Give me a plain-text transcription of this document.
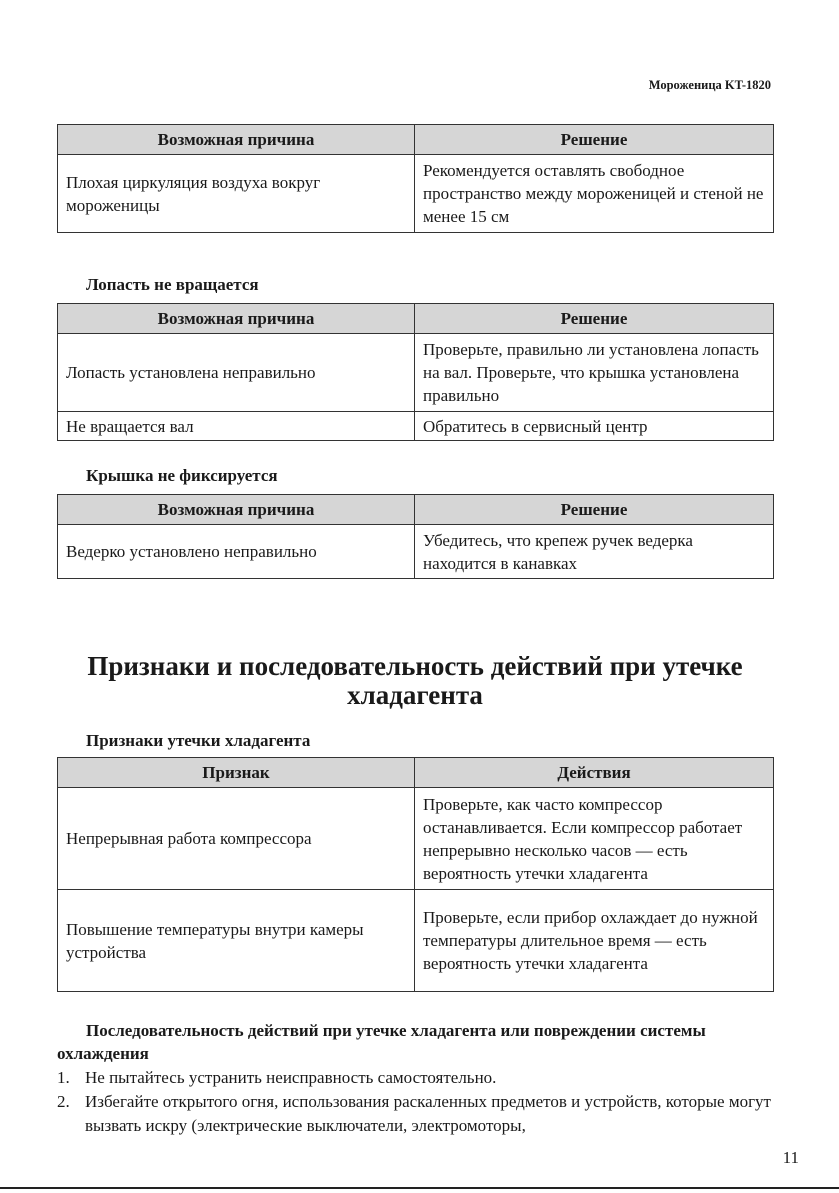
Мороженица KT-1820
Возможная причина	Решение
Плохая циркуляция воздуха вокруг мороженицы	Рекомендуется оставлять свободное пространство между мороженицей и стеной не менее 15 см
Лопасть не вращается
Возможная причина	Решение
Лопасть установлена неправильно	Проверьте, правильно ли установлена лопасть на вал. Проверьте, что крышка установлена правильно
Не вращается вал	Обратитесь в сервисный центр
Крышка не фиксируется
Возможная причина	Решение
Ведерко установлено неправильно	Убедитесь, что крепеж ручек ведерка находится в канавках
Признаки и последовательность действий при утечке хладагента
Признаки утечки хладагента
Признак	Действия
Непрерывная работа компрессора	Проверьте, как часто компрессор останавливается. Если компрессор работает непрерывно несколько часов — есть вероятность утечки хладагента
Повышение температуры внутри камеры устройства	Проверьте, если прибор охлаждает до нужной температуры длительное время — есть вероятность утечки хладагента
Последовательность действий при утечке хладагента или повреждении системы охлаждения
1. Не пытайтесь устранить неисправность самостоятельно.
2. Избегайте открытого огня, использования раскаленных предметов и устройств, которые могут вызвать искру (электрические выключатели, электромоторы,
11
